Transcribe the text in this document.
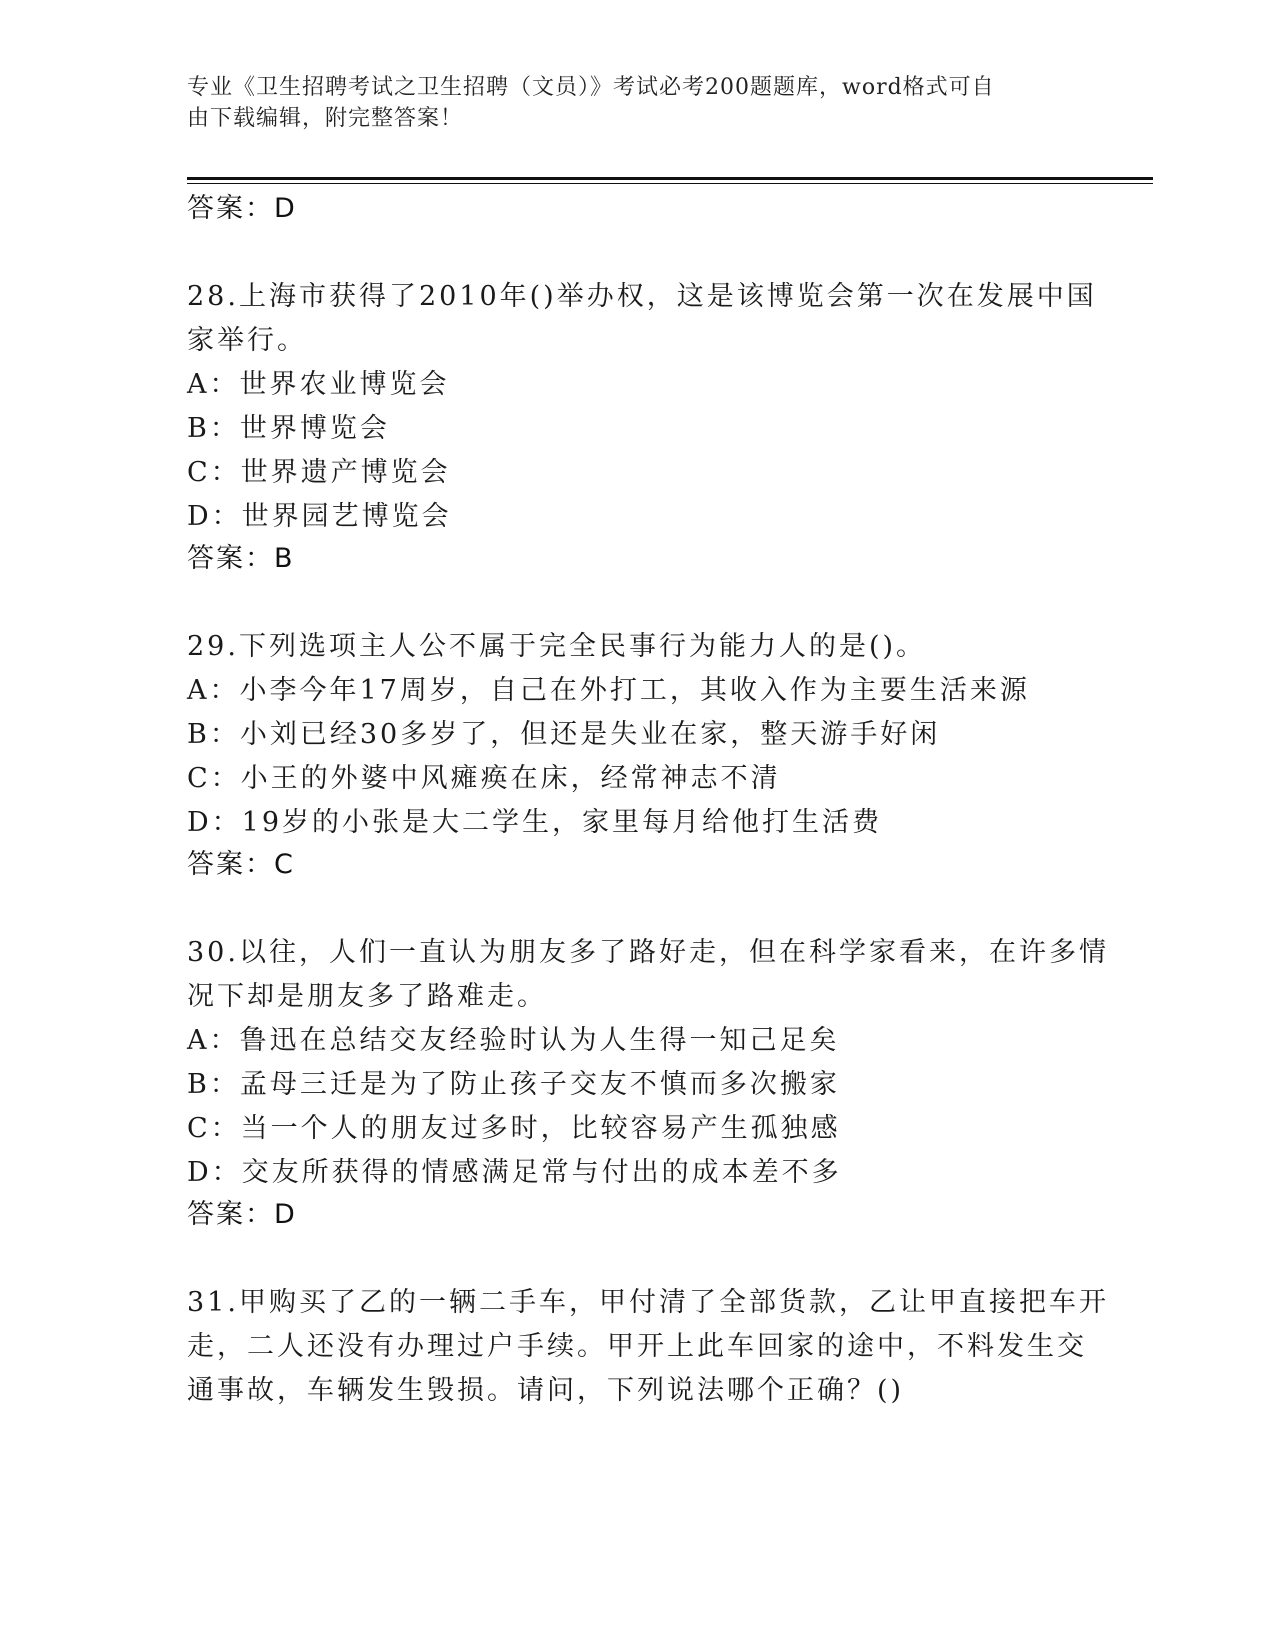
专业《卫生招聘考试之卫生招聘（文员）》考试必考200题题库，word格式可自
由下载编辑，附完整答案！
答案：D
28.上海市获得了2010年()举办权，这是该博览会第一次在发展中国
家举行。
A：世界农业博览会
B：世界博览会
C：世界遗产博览会
D：世界园艺博览会
答案：B
29.下列选项主人公不属于完全民事行为能力人的是()。
A：小李今年17周岁，自己在外打工，其收入作为主要生活来源
B：小刘已经30多岁了，但还是失业在家，整天游手好闲
C：小王的外婆中风瘫痪在床，经常神志不清
D：19岁的小张是大二学生，家里每月给他打生活费
答案：C
30.以往，人们一直认为朋友多了路好走，但在科学家看来，在许多情
况下却是朋友多了路难走。
A：鲁迅在总结交友经验时认为人生得一知己足矣
B：孟母三迁是为了防止孩子交友不慎而多次搬家
C：当一个人的朋友过多时，比较容易产生孤独感
D：交友所获得的情感满足常与付出的成本差不多
答案：D
31.甲购买了乙的一辆二手车，甲付清了全部货款，乙让甲直接把车开
走，二人还没有办理过户手续。甲开上此车回家的途中，不料发生交
通事故，车辆发生毁损。请问，下列说法哪个正确？()
